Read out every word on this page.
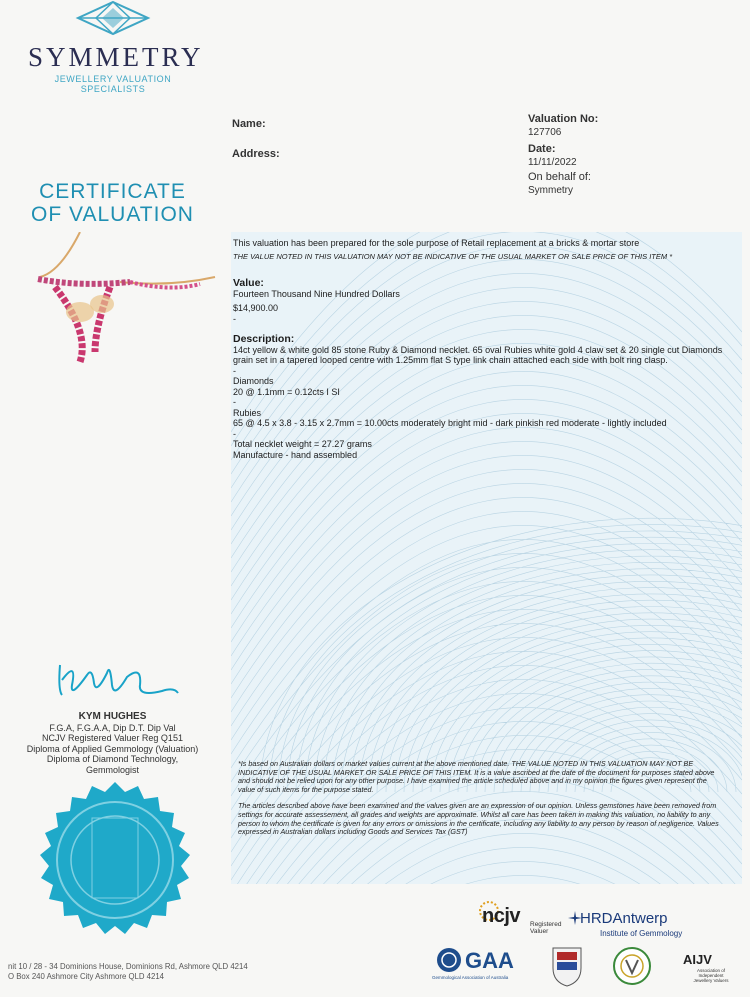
SYMMETRY
JEWELLERY VALUATION SPECIALISTS
CERTIFICATE
OF VALUATION
Name:
Address:
Valuation No:
127706
Date:
11/11/2022
On behalf of:
Symmetry

This valuation has been prepared for the sole purpose of Retail replacement at a bricks & mortar store

THE VALUE NOTED IN THIS VALUATION MAY NOT BE INDICATIVE OF THE USUAL MARKET OR SALE PRICE OF THIS ITEM *

Value:

Fourteen Thousand Nine Hundred Dollars

$14,900.00

-

Description:

14ct yellow & white gold 85 stone Ruby & Diamond necklet. 65 oval Rubies white gold 4 claw set & 20 single cut Diamonds grain set in a tapered looped centre with 1.25mm flat S type link chain attached each side with bolt ring clasp.

-

Diamonds

20 @ 1.1mm = 0.12cts I SI

-

Rubies

65 @ 4.5 x 3.8 - 3.15 x 2.7mm = 10.00cts moderately bright mid - dark pinkish red moderate - lightly included

-

Total necklet weight = 27.27 grams

Manufacture - hand assembled

KYM HUGHES
F.G.A, F.G.A.A, Dip D.T. Dip Val
NCJV Registered Valuer Reg Q151
Diploma of Applied Gemmology (Valuation)
Diploma of Diamond Technology,
Gemmologist

*Is based on Australian dollars or market values current at the above mentioned date. THE VALUE NOTED IN THIS VALUATION MAY NOT BE INDICATIVE OF THE USUAL MARKET OR SALE PRICE OF THIS ITEM. It is a value ascribed at the date of the document for purposes stated above and should not be relied upon for any other purpose. I have examined the article scheduled above and in my opinion the figures given represent the value of such items for the purpose stated.

The articles described above have been examined and the values given are an expression of our opinion. Unless gemstones have been removed from settings for accurate assessement, all grades and weights are approximate. Whilst all care has been taken in making this valuation, no liability to any person to whom the certificate is given for any errors or omissions in the certificate, including any liability to any person by reason of negligence. Values expressed in Australian dollars including Goods and Services Tax (GST)

nit 10 / 28 - 34 Dominions House, Dominions Rd, Ashmore QLD 4214
O Box 240 Ashmore City Ashmore QLD 4214
ncjv Registered
Valuer
HRDAntwerp
Institute of Gemmology
GAA
Gemmological Association of Australia
AIJV
Association of
Independent
Jewellery Valuers
